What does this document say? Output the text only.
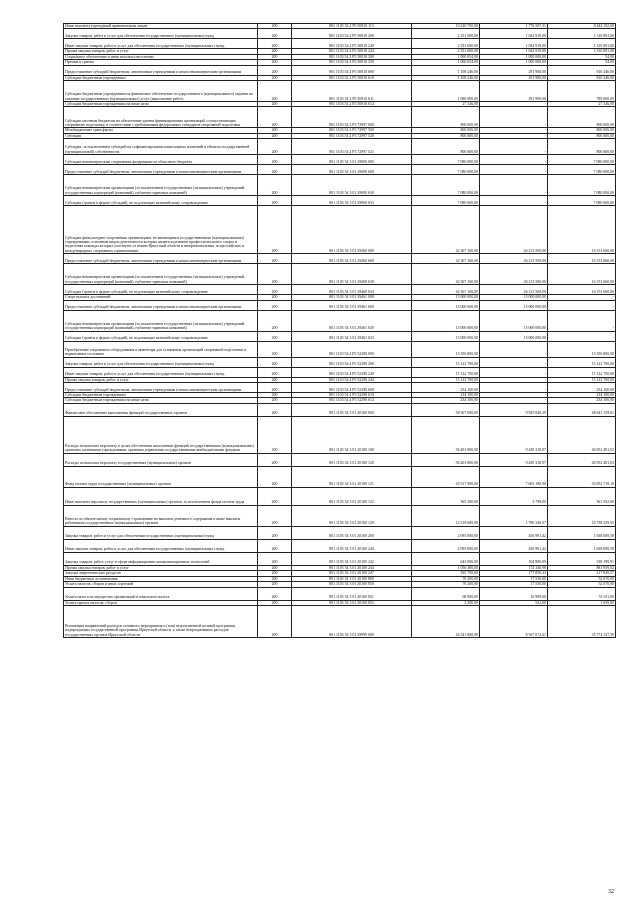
Иные выплаты учреждений привлекаемым лицам	200	801 1103 54 2 P5 50810 113	10 220 700,00	1 776 507,31	8 444 192,69
Закупка товаров, работ и услуг для обеспечения государственных (муниципальных) нужд	200	801 1103 54 2 P5 50810 200	2 351 000,00	1 042 919,00	1 310 081,00
Иные закупки товаров, работ и услуг для обеспечения государственных (муниципальных) нужд	200	801 1103 54 2 P5 50810 240	2 351 000,00	1 042 919,00	1 310 081,00
Прочая закупка товаров, работ и услуг	200	801 1103 54 2 P5 50810 244	2 351 000,00	1 042 919,00	1 310 081,00
Социальное обеспечение и иные выплаты населению	200	801 1103 54 2 P5 50810 300	1 000 054,00	1 000 000,00	54,00
Премии и гранты	200	801 1103 54 2 P5 50810 350	1 000 054,00	1 000 000,00	54,00
Предоставление субсидий бюджетным, автономным учреждениям и иным некоммерческим организациям	200	801 1103 54 2 P5 50810 600	1 108 246,00	291 900,00	816 346,00
Субсидии бюджетным учреждениям	200	801 1103 54 2 P5 50810 610	1 108 246,00	291 900,00	816 346,00
Субсидии бюджетным учреждениям на финансовое обеспечение государственного (муниципального) задания на оказание государственных (муниципальных) услуг (выполнение работ)	200	801 1103 54 2 P5 50810 611	1 080 900,00	291 900,00	789 000,00
Субсидии бюджетным учреждениям на иные цели	200	801 1103 54 2 P5 50810 612	27 346,00	-	27 346,00
Субсидии местным бюджетам на обеспечение уровня финансирования организаций, осуществляющих спортивную подготовку, в соответствии с требованиями федеральных стандартов спортивной подготовки	200	801 1103 54 2 P5 72997 000	800 000,00	-	800 000,00
Межбюджетные трансферты	200	801 1103 54 2 P5 72997 500	800 000,00	-	800 000,00
Субсидии	200	801 1103 54 2 P5 72997 520	800 000,00	-	800 000,00
Субсидии, за исключением субсидий на софинансирование капитальных вложений в объекты государственной (муниципальной) собственности	200	801 1103 54 2 P5 72997 521	800 000,00	-	800 000,00
Субсидии некоммерческим спортивным федерациям из областного бюджета	200	801 1103 54 3 01 29000 000	7 080 000,00	-	7 080 000,00
Предоставление субсидий бюджетным, автономным учреждениям и иным некоммерческим организациям	200	801 1103 54 3 01 29000 600	7 080 000,00	-	7 080 000,00
Субсидии некоммерческим организациям (за исключением государственных (муниципальных) учреждений, государственных корпораций (компаний), публично-правовых компаний)	200	801 1103 54 3 01 29000 630	7 080 000,00	-	7 080 000,00
Субсидии (гранты в форме субсидий), не подлежащие казначейскому сопровождению	200	801 1103 54 3 01 29000 633	7 080 000,00	-	7 080 000,00
Субсидии физкультурно-спортивным организациям, не являющимся государственными (муниципальными) учреждениями, основным видом деятельности которых является развитие профессионального спорта и подготовка команды которых участвуют от имени Иркутской области в межрегиональных, всероссийских и международных спортивных соревнованиях	200	801 1103 54 3 01 29460 000	42 367 160,00	26 213 500,00	16 153 660,00
Предоставление субсидий бюджетным, автономным учреждениям и иным некоммерческим организациям	200	801 1103 54 3 01 29460 600	42 367 160,00	26 213 500,00	16 153 660,00
Субсидии некоммерческим организациям (за исключением государственных (муниципальных) учреждений, государственных корпораций (компаний), публично-правовых компаний)	200	801 1103 54 3 01 29460 630	42 367 160,00	26 213 500,00	16 153 660,00
Субсидии (гранты в форме субсидий), не подлежащие казначейскому сопровождению	200	801 1103 54 3 01 29460 633	42 367 160,00	26 213 500,00	16 153 660,00
Спорт высших достижений	200	801 1103 54 3 01 29461 000	15 000 000,00	15 000 000,00	-
Предоставление субсидий бюджетным, автономным учреждениям и иным некоммерческим организациям	200	801 1103 54 3 01 29461 600	15 000 000,00	15 000 000,00	-
Субсидии некоммерческим организациям (за исключением государственных (муниципальных) учреждений, государственных корпораций (компаний), публично-правовых компаний)	200	801 1103 54 3 01 29461 630	15 000 000,00	15 000 000,00	-
Субсидии (гранты в форме субсидий), не подлежащие казначейскому сопровождению	200	801 1103 54 3 01 29461 633	15 000 000,00	15 000 000,00	-
Приобретение спортивного оборудования и инвентаря для оснащения организаций спортивной подготовки в нормативное состояние	200	801 1103 54 4 P5 52290 000	15 356 800,00	-	15 356 800,00
Закупка товаров, работ и услуг для обеспечения государственных (муниципальных) нужд	200	801 1103 54 4 P5 52290 200	15 122 700,00	-	15 122 700,00
Иные закупки товаров, работ и услуг для обеспечения государственных (муниципальных) нужд	200	801 1103 54 4 P5 52290 240	15 122 700,00	-	15 122 700,00
Прочая закупка товаров, работ и услуг	200	801 1103 54 4 P5 52290 244	15 122 700,00	-	15 122 700,00
Предоставление субсидий бюджетным, автономным учреждениям и иным некоммерческим организациям	200	801 1103 54 4 P5 52290 600	234 100,00	-	234 100,00
Субсидии бюджетным учреждениям	200	801 1103 54 4 P5 52290 610	234 100,00	-	234 100,00
Субсидии бюджетным учреждениям на иные цели	200	801 1103 54 4 P5 52290 612	234 100,00	-	234 100,00
Финансовое обеспечение выполнения функций государственных органов	200	801 1103 54 3 01 20100 000	58 567 000,00	9 925 840,39	48 641 159,61
Расходы на выплаты персоналу в целях обеспечения выполнения функций государственными (муниципальными) органами, казенными учреждениями, органами управления государственными внебюджетными фондами	200	801 1103 54 3 01 20100 100	56 401 800,00	9 449 318,97	46 952 481,03
Расходы на выплаты персоналу государственных (муниципальных) органов	200	801 1103 54 3 01 20100 120	56 401 800,00	9 449 318,97	46 952 481,03
Фонд оплаты труда государственных (муниципальных) органов	200	801 1103 54 3 01 20100 121	43 517 900,00	7 665 180,90	35 852 719,10
Иные выплаты персоналу государственных (муниципальных) органов, за исключением фонда оплаты труда	200	801 1103 54 3 01 20100 122	365 300,00	3 798,00	361 502,00
Взносы по обязательному социальному страхованию на выплаты денежного содержания и иные выплаты работникам государственных (муниципальных) органов	200	801 1103 54 3 01 20100 129	12 518 600,00	1 780 340,07	10 738 259,93
Закупка товаров, работ и услуг для обеспечения государственных (муниципальных) нужд	200	801 1103 54 3 01 20100 200	2 095 000,00	456 991,42	1 638 008,58
Иные закупки товаров, работ и услуг для обеспечения государственных (муниципальных) нужд	200	801 1103 54 3 01 20100 240	2 095 000,00	456 991,42	1 638 008,58
Закупка товаров, работ, услуг в сфере информационно-коммуникационных технологий	200	801 1103 54 3 01 20100 242	643 000,00	104 800,09	538 199,91
Прочая закупка товаров, работ и услуг	200	801 1103 54 3 01 20100 244	1 056 300,00	174 340,98	881 959,02
Закупка энергетических ресурсов	200	801 1103 54 3 01 20100 247	395 700,00	177 850,43	217 849,57
Иные бюджетные ассигнования	200	801 1103 54 3 01 20100 800	70 200,00	17 530,00	52 670,00
Уплата налогов, сборов и иных платежей	200	801 1103 54 3 01 20100 850	70 200,00	17 530,00	52 670,00
Уплата налога на имущество организаций и земельного налога	200	801 1103 54 3 01 20100 851	68 000,00	16 989,00	51 011,00
Уплата прочих налогов, сборов	200	801 1103 54 3 01 20100 852	2 200,00	541,00	1 659,00
Реализация направлений расходов основного мероприятия и (или) ведомственной целевой программы, подпрограммы государственной программы Иркутской области, а также непрограммных расходов государственных органов Иркутской области	200	801 1103 54 3 01 29999 000	44 341 800,00	8 567 672,41	35 774 127,59
32
